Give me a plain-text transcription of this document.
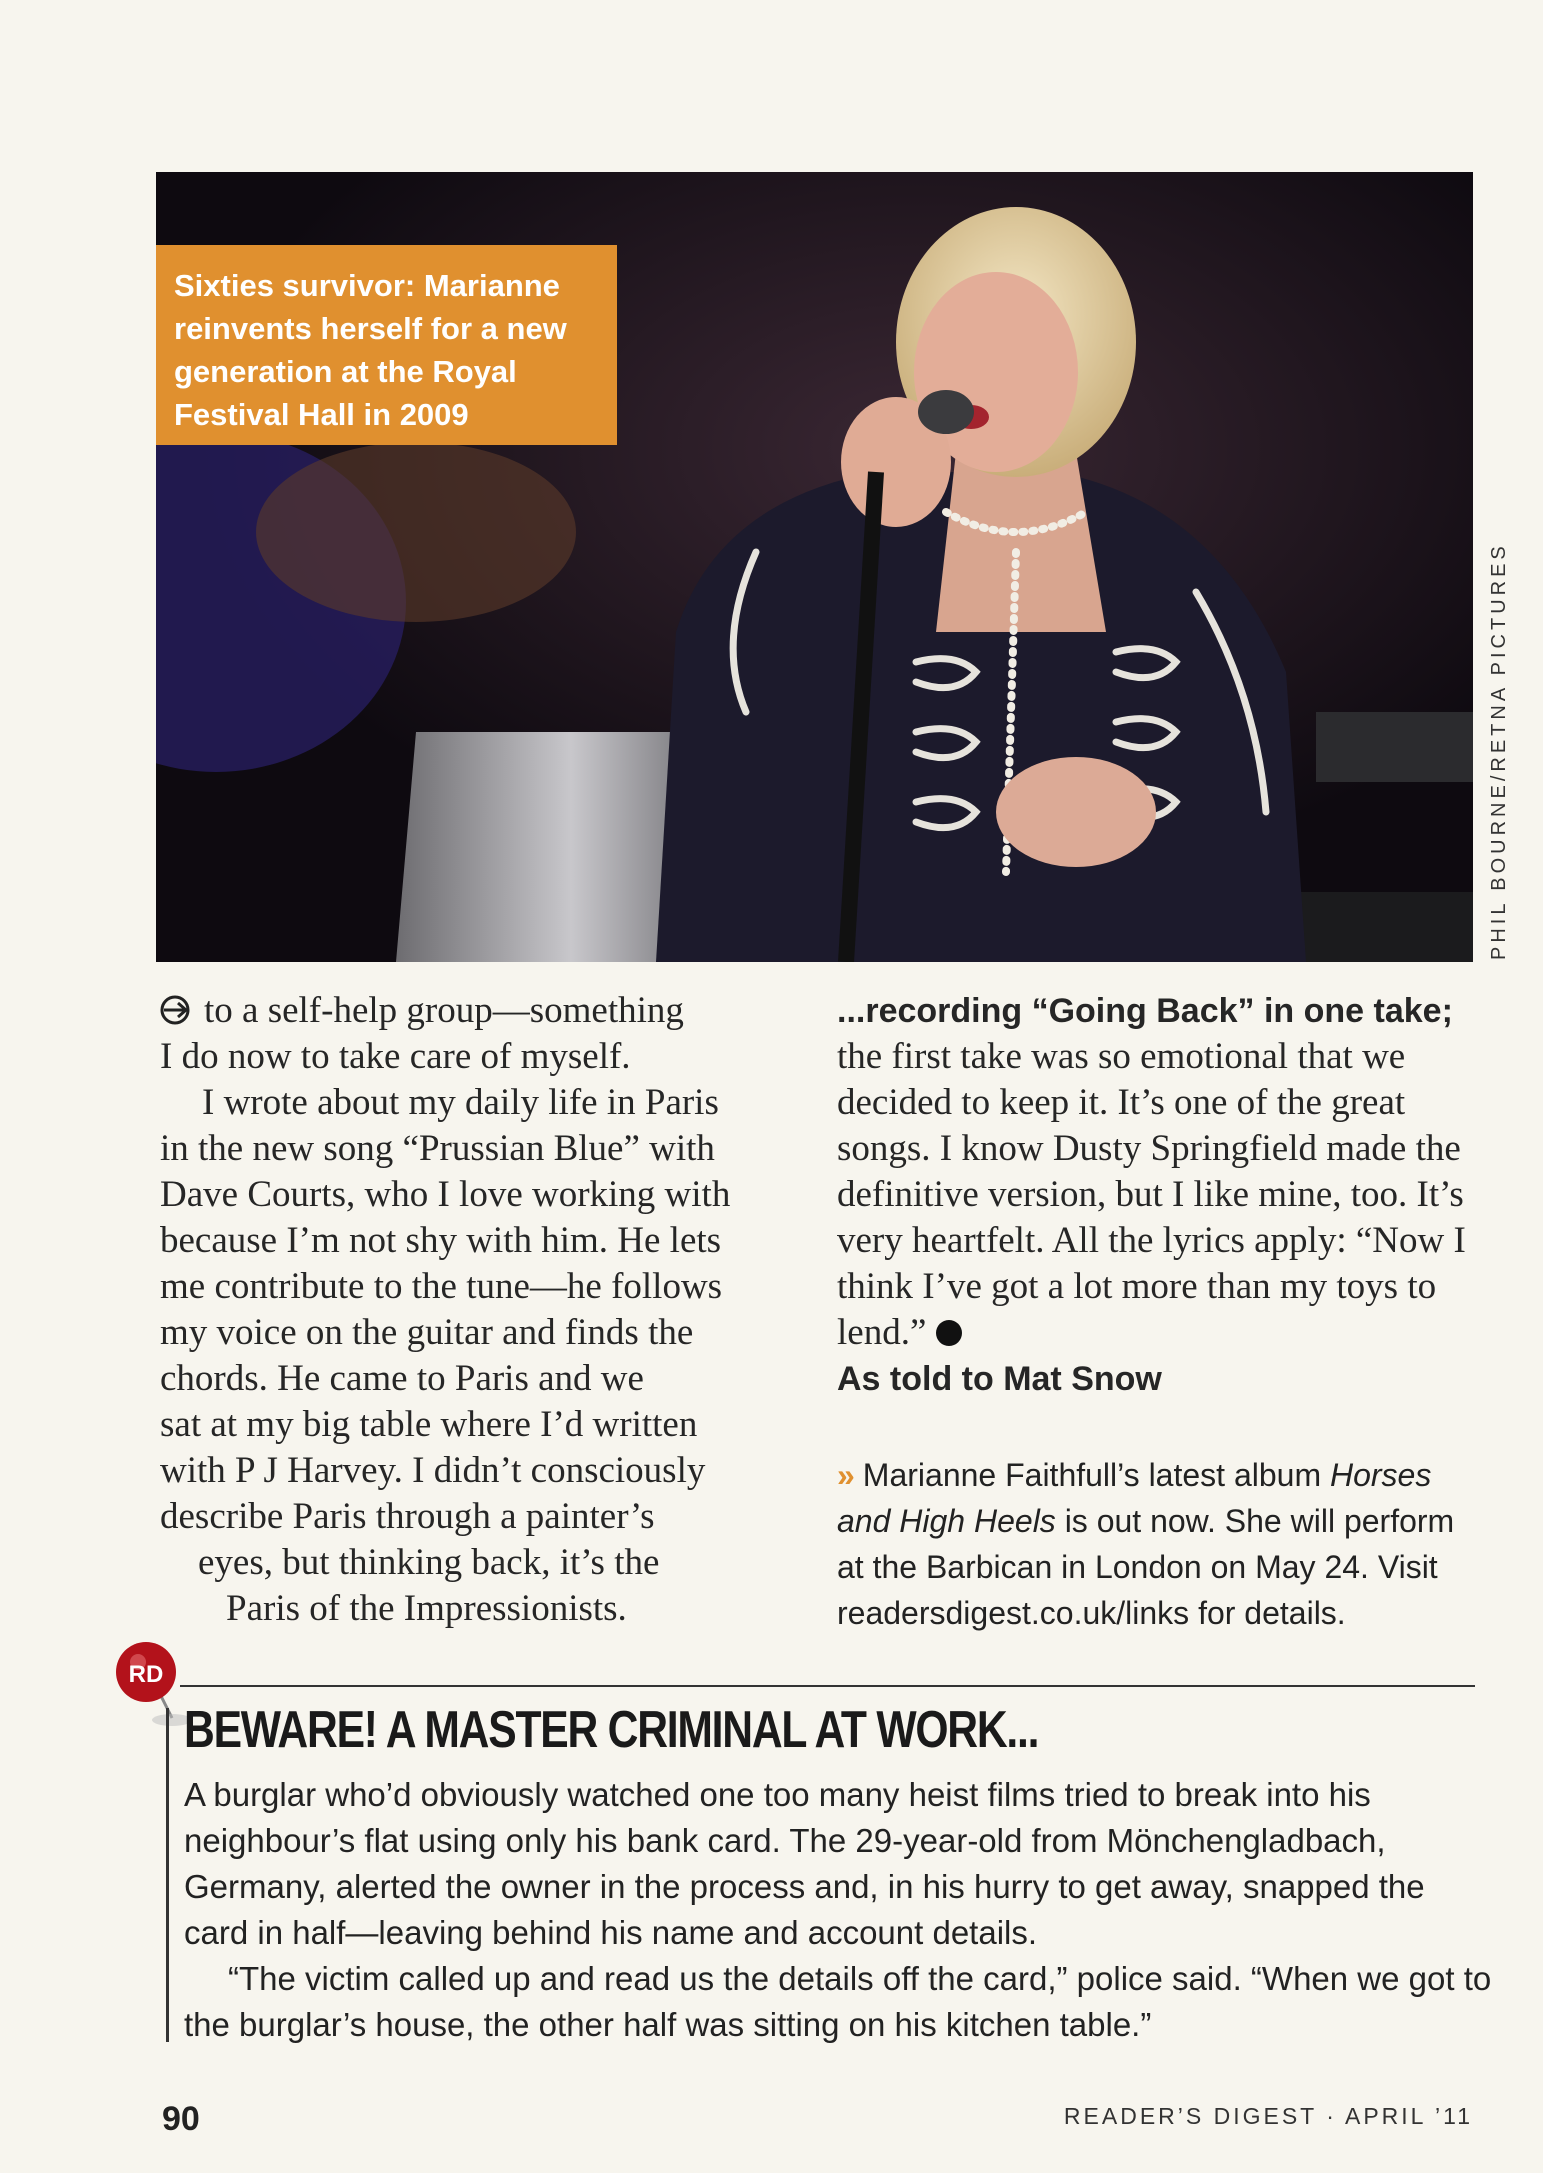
Sixties survivor: Marianne reinvents herself for a new generation at the Royal Festival Hall in 2009
PHIL BOURNE/RETNA PICTURES
to a self-help group—something
I do now to take care of myself.
I wrote about my daily life in Paris
in the new song “Prussian Blue” with
Dave Courts, who I love working with
because I’m not shy with him. He lets
me contribute to the tune—he follows
my voice on the guitar and finds the
chords. He came to Paris and we
sat at my big table where I’d written
with P J Harvey. I didn’t consciously
describe Paris through a painter’s
eyes, but thinking back, it’s the
Paris of the Impressionists.

...recording “Going Back” in one take;

the first take was so emotional that we decided to keep it. It’s one of the great songs. I know Dusty Springfield made the definitive version, but I like mine, too. It’s very heartfelt. All the lyrics apply: “Now I think I’ve got a lot more than my toys to lend.”

As told to Mat Snow

» Marianne Faithfull’s latest album Horses and High Heels is out now. She will perform at the Barbican in London on May 24. Visit readersdigest.co.uk/links for details.
RD
BEWARE! A MASTER CRIMINAL AT WORK...

A burglar who’d obviously watched one too many heist films tried to break into his neighbour’s flat using only his bank card. The 29-year-old from Mönchengladbach, Germany, alerted the owner in the process and, in his hurry to get away, snapped the card in half—leaving behind his name and account details.

“The victim called up and read us the details off the card,” police said. “When we got to the burglar’s house, the other half was sitting on his kitchen table.”

90	READER’S DIGEST · APRIL ’11
